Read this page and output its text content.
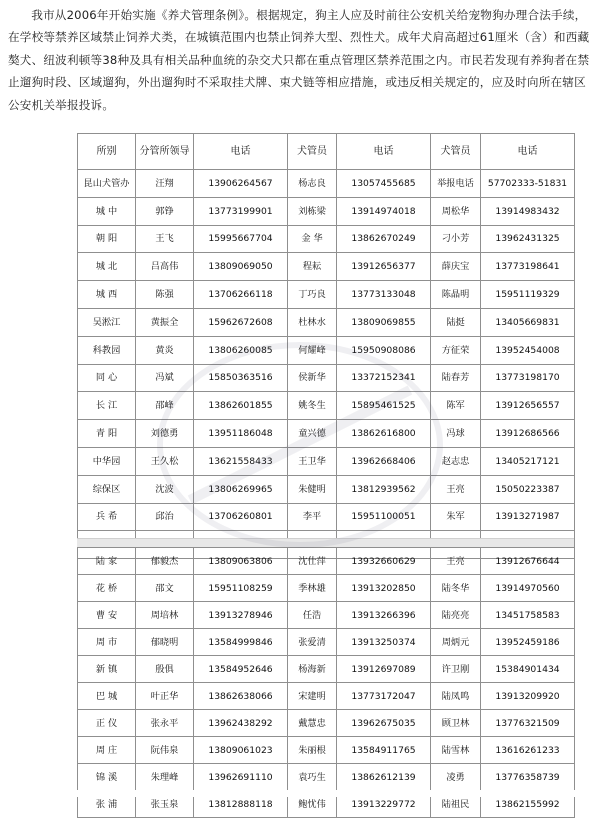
我市从2006年开始实施《养犬管理条例》。根据规定，狗主人应及时前往公安机关给宠物狗办理合法手续，在学校等禁养区域禁止饲养犬类，在城镇范围内也禁止饲养大型、烈性犬。成年犬肩高超过61厘米（含）和西藏獒犬、纽波利顿等38种及具有相关品种血统的杂交犬只都在重点管理区禁养范围之内。市民若发现有养狗者在禁止遛狗时段、区域遛狗，外出遛狗时不采取挂犬牌、束犬链等相应措施，或违反相关规定的，应及时向所在辖区公安机关举报投诉。

所别	分管所领导	电话	犬管员	电话	犬管员	电话
昆山犬管办	汪翔	13906264567	杨志良	13057455685	举报电话	57702333-51831
城 中	郭铮	13773199901	刘栋梁	13914974018	周松华	13914983432
朝 阳	王飞	15995667704	金 华	13862670249	刁小芳	13962431325
城 北	吕高伟	13809069050	程耘	13912656377	薛庆宝	13773198641
城 西	陈强	13706266118	丁巧良	13773133048	陈晶明	15951119329
吴淞江	黄振全	15962672608	杜林水	13809069855	陆挺	13405669831
科教园	黄炎	13806260085	何耀峰	15950908086	方征荣	13952454008
同 心	冯斌	15850363516	侯新华	13372152341	陆春芳	13773198170
长 江	邵峰	13862601855	姚冬生	15895461525	陈军	13912656557
青 阳	刘德勇	13951186048	童兴德	13862616800	冯球	13912686566
中华园	王久松	13621558433	王卫华	13962668406	赵志忠	13405217121
综保区	沈波	13806269965	朱健明	13812939562	王亮	15050223387
兵 希	邱治	13706260801	李平	15951100051	朱军	13913271987

陆 家	郁毅杰	13809063806	沈仕萍	13932660629	王亮	13912676644
花 桥	邵文	15951108259	季林雄	13913202850	陆冬华	13914970560
曹 安	周培林	13913278946	任浩	13913266396	陆亮亮	13451758583
周 市	郁晓明	13584999846	张爱清	13913250374	周炳元	13952459186
新 镇	殷俱	13584952646	杨海新	13912697089	许卫刚	15384901434
巴 城	叶正华	13862638066	宋建明	13773172047	陆凤鸣	13913209920
正 仪	张永平	13962438292	戴慧忠	13962675035	顾卫林	13776321509
周 庄	阮伟泉	13809061023	朱丽根	13584911765	陆雪林	13616261233
锦 溪	朱理峰	13962691110	袁巧生	13862612139	凌勇	13776358739
张 浦	张玉泉	13812888118	鲍忧伟	13913229772	陆祖民	13862155992
